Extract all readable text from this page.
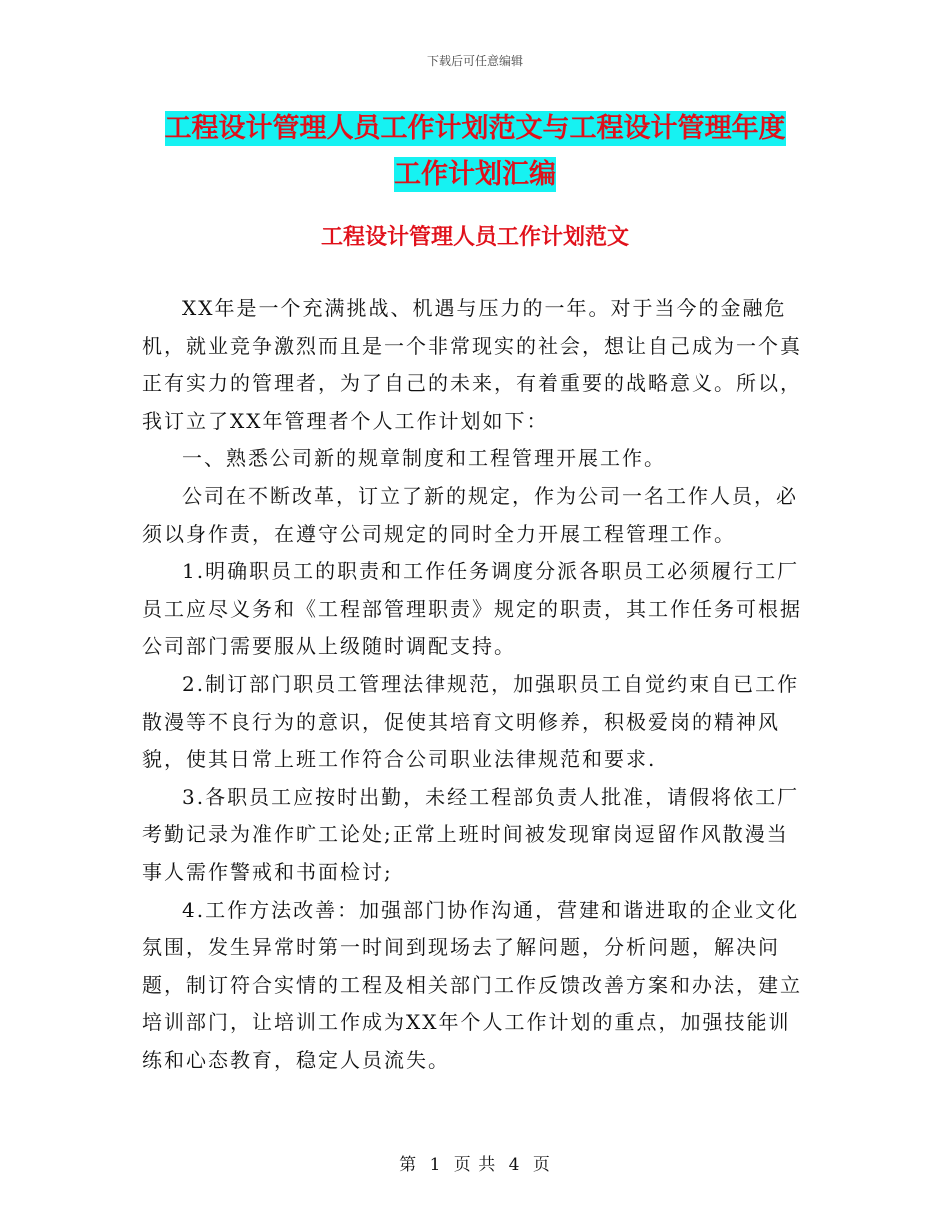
下载后可任意编辑
工程设计管理人员工作计划范文与工程设计管理年度
工作计划汇编
工程设计管理人员工作计划范文

XX年是一个充满挑战、机遇与压力的一年。对于当今的金融危机，就业竞争激烈而且是一个非常现实的社会，想让自己成为一个真正有实力的管理者，为了自己的未来，有着重要的战略意义。所以，我订立了XX年管理者个人工作计划如下：

一、熟悉公司新的规章制度和工程管理开展工作。

公司在不断改革，订立了新的规定，作为公司一名工作人员，必须以身作责，在遵守公司规定的同时全力开展工程管理工作。

1.明确职员工的职责和工作任务调度分派各职员工必须履行工厂员工应尽义务和《工程部管理职责》规定的职责，其工作任务可根据公司部门需要服从上级随时调配支持。

2.制订部门职员工管理法律规范，加强职员工自觉约束自已工作散漫等不良行为的意识，促使其培育文明修养，积极爱岗的精神风貌，使其日常上班工作符合公司职业法律规范和要求.

3.各职员工应按时出勤，未经工程部负责人批准，请假将依工厂考勤记录为准作旷工论处;正常上班时间被发现窜岗逗留作风散漫当事人需作警戒和书面检讨;

4.工作方法改善：加强部门协作沟通，营建和谐进取的企业文化氛围，发生异常时第一时间到现场去了解问题，分析问题，解决问题，制订符合实情的工程及相关部门工作反馈改善方案和办法，建立培训部门，让培训工作成为XX年个人工作计划的重点，加强技能训练和心态教育，稳定人员流失。

第 1 页 共 4 页
